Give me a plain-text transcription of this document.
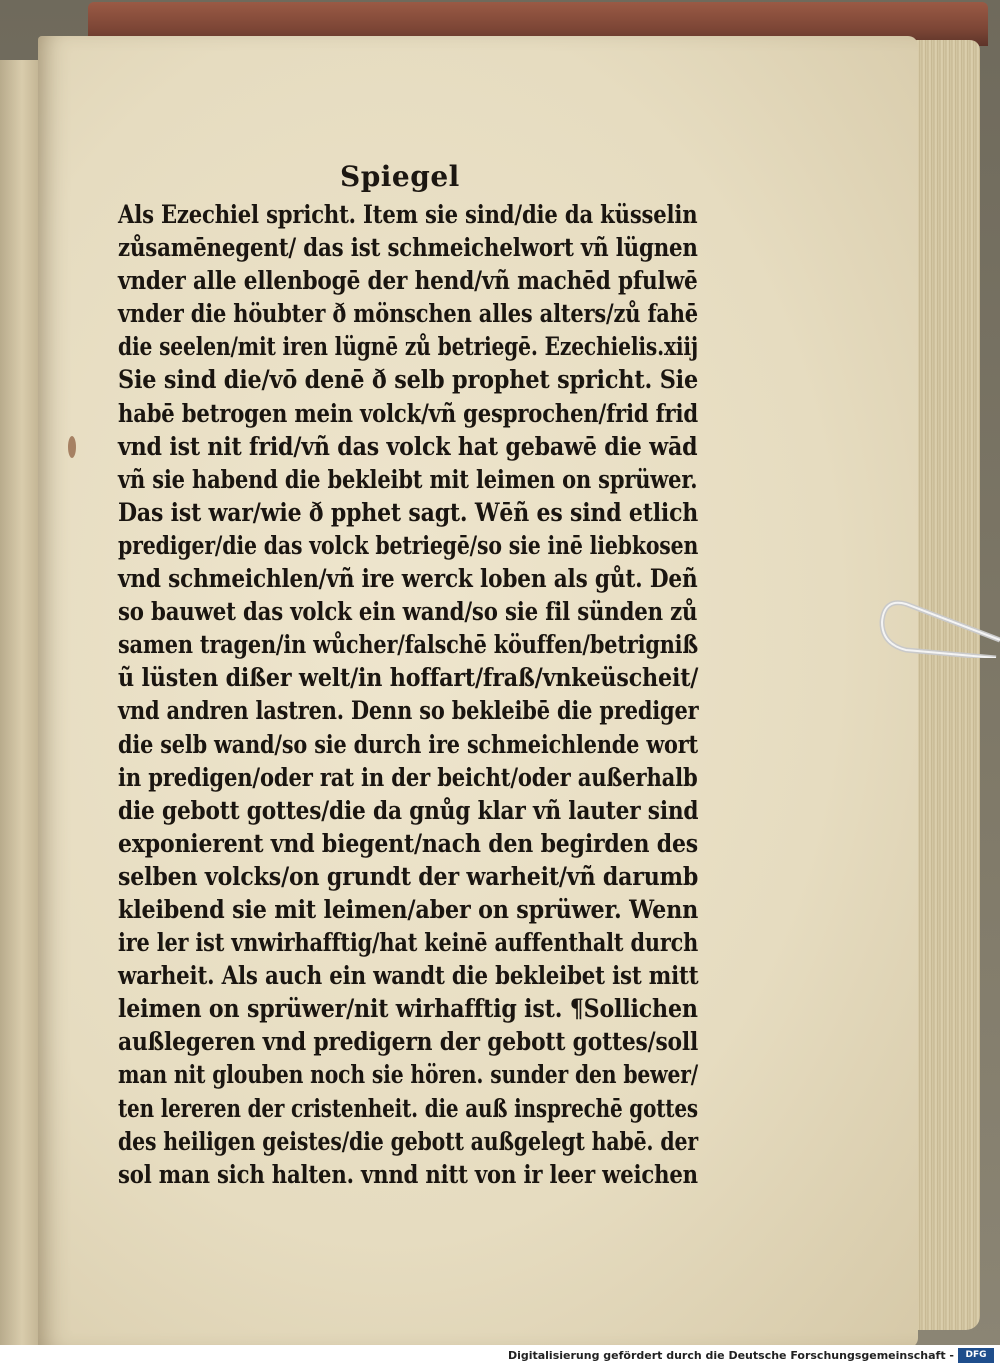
Spiegel
Als Ezechiel spricht. Item sie sind/die da küsselin
zůsamēnegent/ das ist schmeichelwort vñ lügnen
vnder alle ellenbogē der hend/vñ machēd pfulwē
vnder die höubter ð mönschen alles alters/zů fahē
die seelen/mit iren lügnē zů betriegē. Ezechielis.xiij
Sie sind die/vō denē ð selb prophet spricht. Sie
habē betrogen mein volck/vñ gesprochen/frid frid
vnd ist nit frid/vñ das volck hat gebawē die wād
vñ sie habend die bekleibt mit leimen on sprüwer.
Das ist war/wie ð pphet sagt. Wēñ es sind etlich
prediger/die das volck betriegē/so sie inē liebkosen
vnd schmeichlen/vñ ire werck loben als gůt. Deñ
so bauwet das volck ein wand/so sie fil sünden zů
samen tragen/in wůcher/falschē köuffen/betrigniß
ũ lüsten dißer welt/in hoffart/fraß/vnkeüscheit/
vnd andren lastren. Denn so bekleibē die prediger
die selb wand/so sie durch ire schmeichlende wort
in predigen/oder rat in der beicht/oder außerhalb
die gebott gottes/die da gnůg klar vñ lauter sind
exponierent vnd biegent/nach den begirden des
selben volcks/on grundt der warheit/vñ darumb
kleibend sie mit leimen/aber on sprüwer. Wenn
ire ler ist vnwirhafftig/hat keinē auffenthalt durch
warheit. Als auch ein wandt die bekleibet ist mitt
leimen on sprüwer/nit wirhafftig ist. ¶Sollichen
außlegeren vnd predigern der gebott gottes/soll
man nit glouben noch sie hören. sunder den bewer/
ten lereren der cristenheit. die auß insprechē gottes
des heiligen geistes/die gebott außgelegt habē. der
sol man sich halten. vnnd nitt von ir leer weichen
Digitalisierung gefördert durch die Deutsche Forschungsgemeinschaft -	DFG
